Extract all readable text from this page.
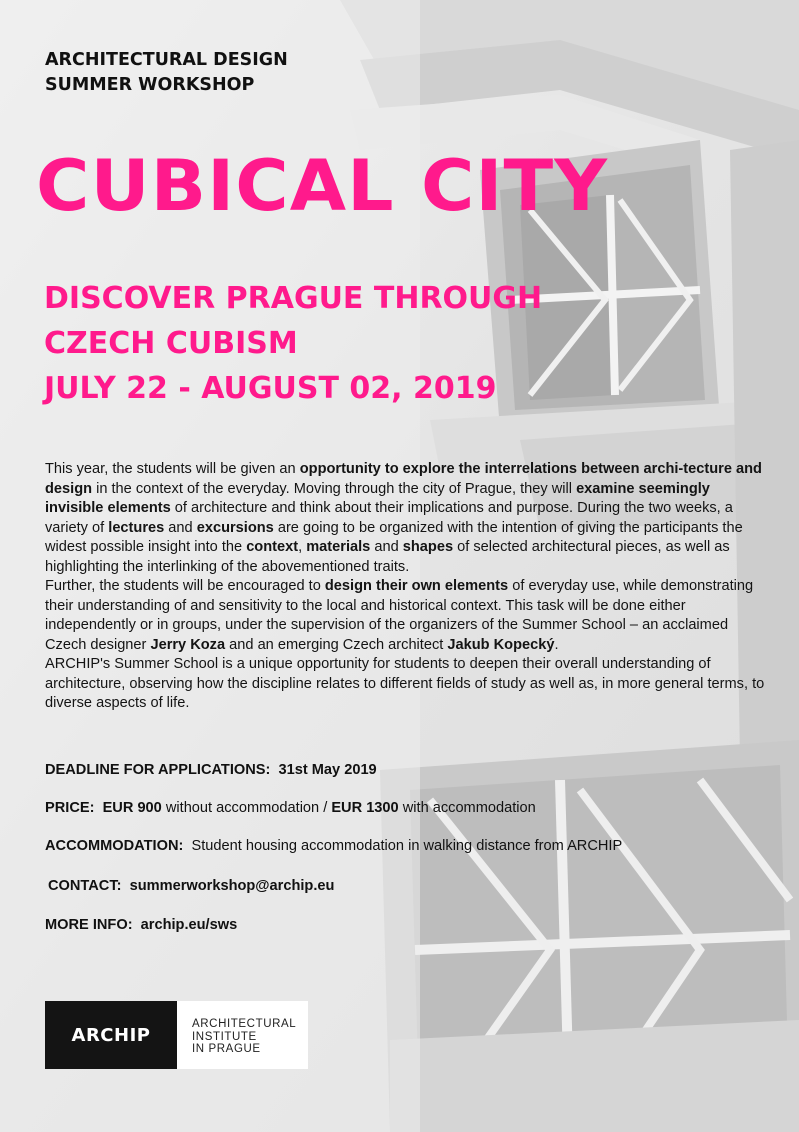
ARCHITECTURAL DESIGN
SUMMER WORKSHOP
CUBICAL CITY
DISCOVER PRAGUE THROUGH
CZECH CUBISM
JULY 22 - AUGUST 02, 2019

This year, the students will be given an opportunity to explore the interrelations between archi-tecture and design in the context of the everyday. Moving through the city of Prague, they will examine seemingly invisible elements of architecture and think about their implications and purpose. During the two weeks, a variety of lectures and excursions are going to be organized with the intention of giving the participants the widest possible insight into the context, materials and shapes of selected architectural pieces, as well as highlighting the interlinking of the abovementioned traits.

Further, the students will be encouraged to design their own elements of everyday use, while demonstrating their understanding of and sensitivity to the local and historical context. This task will be done either independently or in groups, under the supervision of the organizers of the Summer School – an acclaimed Czech designer Jerry Koza and an emerging Czech architect Jakub Kopecký.

ARCHIP's Summer School is a unique opportunity for students to deepen their overall understanding of architecture, observing how the discipline relates to different fields of study as well as, in more general terms, to diverse aspects of life.

DEADLINE FOR APPLICATIONS: 31st May 2019
PRICE: EUR 900 without accommodation / EUR 1300 with accommodation
ACCOMMODATION: Student housing accommodation in walking distance from ARCHIP
CONTACT: summerworkshop@archip.eu
MORE INFO: archip.eu/sws
ARCHIP
ARCHITECTURAL
INSTITUTE
IN PRAGUE
